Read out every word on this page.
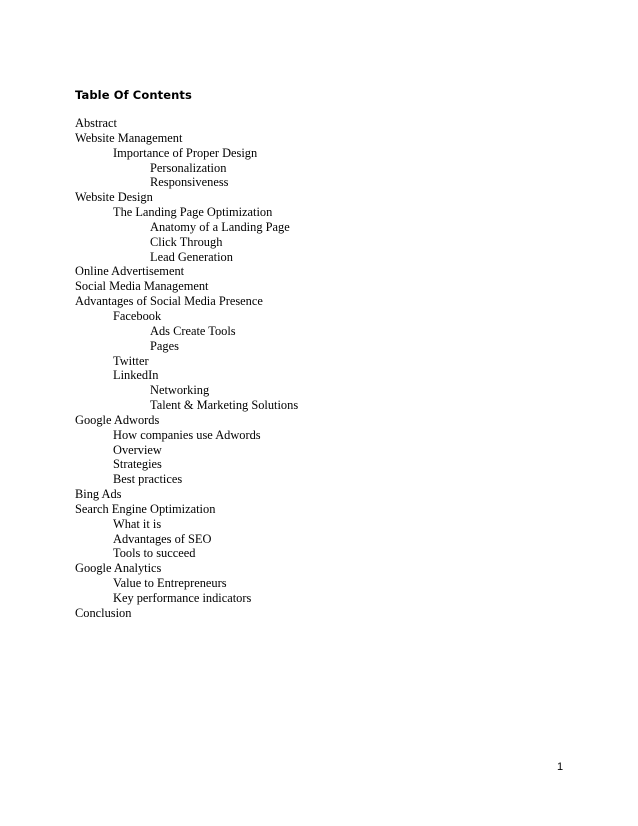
Table Of Contents
Abstract
Website Management
Importance of Proper Design
Personalization
Responsiveness
Website Design
The Landing Page Optimization
Anatomy of a Landing Page
Click Through
Lead Generation
Online Advertisement
Social Media Management
Advantages of Social Media Presence
Facebook
Ads Create Tools
Pages
Twitter
LinkedIn
Networking
Talent & Marketing Solutions
Google Adwords
How companies use Adwords
Overview
Strategies
Best practices
Bing Ads
Search Engine Optimization
What it is
Advantages of SEO
Tools to succeed
Google Analytics
Value to Entrepreneurs
Key performance indicators
Conclusion
1
